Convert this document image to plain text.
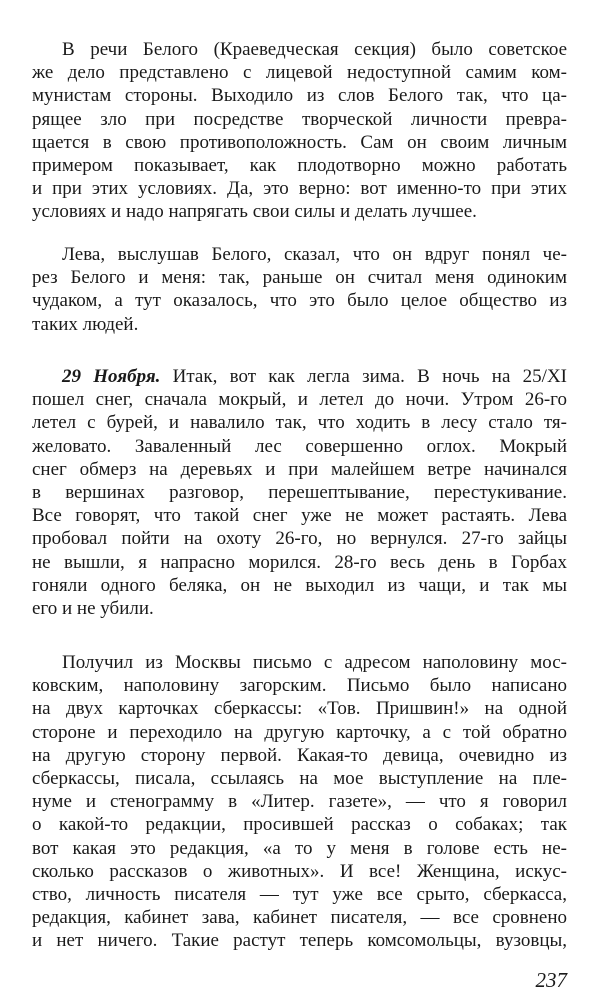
В речи Белого (Краеведческая секция) было советское
же дело представлено с лицевой недоступной самим ком-
мунистам стороны. Выходило из слов Белого так, что ца-
рящее зло при посредстве творческой личности превра-
щается в свою противоположность. Сам он своим личным
примером показывает, как плодотворно можно работать
и при этих условиях. Да, это верно: вот именно-то при этих
условиях и надо напрягать свои силы и делать лучшее.
Лева, выслушав Белого, сказал, что он вдруг понял че-
рез Белого и меня: так, раньше он считал меня одиноким
чудаком, а тут оказалось, что это было целое общество из
таких людей.
29 Ноября. Итак, вот как легла зима. В ночь на 25/XI
пошел снег, сначала мокрый, и летел до ночи. Утром 26-го
летел с бурей, и навалило так, что ходить в лесу стало тя-
желовато. Заваленный лес совершенно оглох. Мокрый
снег обмерз на деревьях и при малейшем ветре начинался
в вершинах разговор, перешептывание, перестукивание.
Все говорят, что такой снег уже не может растаять. Лева
пробовал пойти на охоту 26-го, но вернулся. 27-го зайцы
не вышли, я напрасно морился. 28-го весь день в Горбах
гоняли одного беляка, он не выходил из чащи, и так мы
его и не убили.
Получил из Москвы письмо с адресом наполовину мос-
ковским, наполовину загорским. Письмо было написано
на двух карточках сберкассы: «Тов. Пришвин!» на одной
стороне и переходило на другую карточку, а с той обратно
на другую сторону первой. Какая-то девица, очевидно из
сберкассы, писала, ссылаясь на мое выступление на пле-
нуме и стенограмму в «Литер. газете», — что я говорил
о какой-то редакции, просившей рассказ о собаках; так
вот какая это редакция, «а то у меня в голове есть не-
сколько рассказов о животных». И все! Женщина, искус-
ство, личность писателя — тут уже все срыто, сберкасса,
редакция, кабинет зава, кабинет писателя, — все сровнено
и нет ничего. Такие растут теперь комсомольцы, вузовцы,
237
